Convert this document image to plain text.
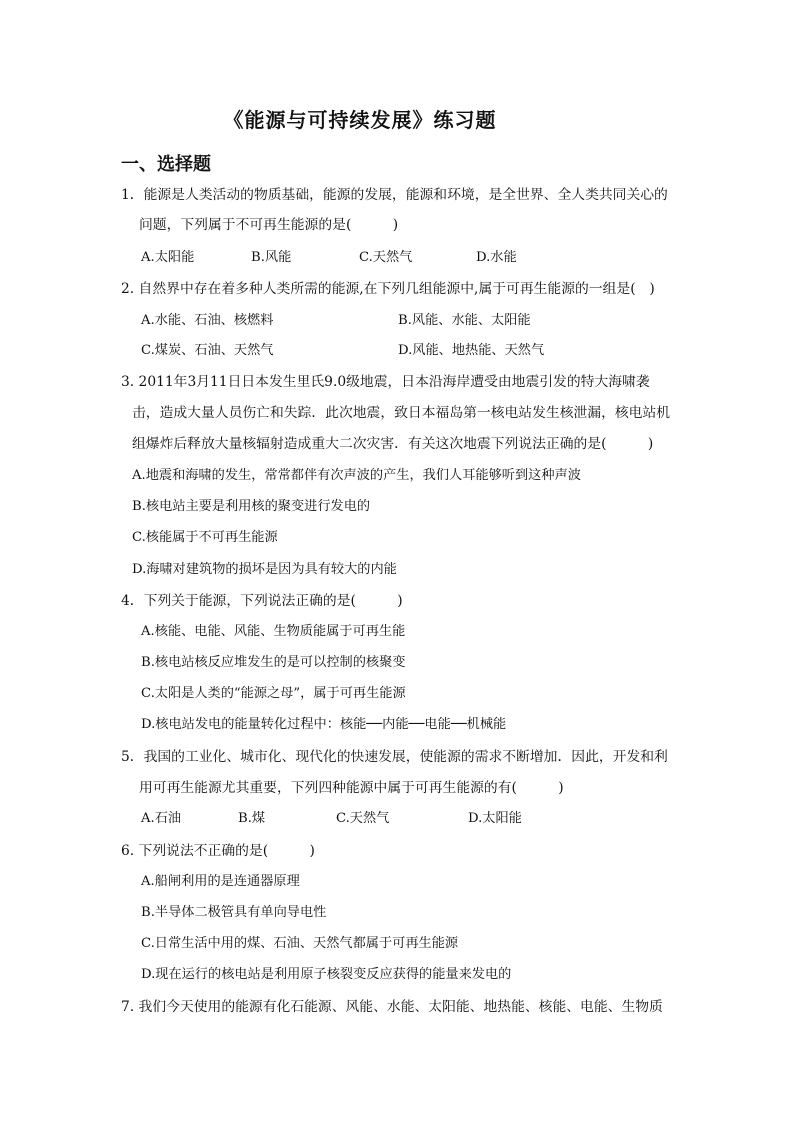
《能源与可持续发展》练习题
一、选择题
1．能源是人类活动的物质基础，能源的发展，能源和环境，是全世界、全人类共同关心的
问题，下列属于不可再生能源的是(　　　)
A.太阳能	B.风能	C.天然气	D.水能
2. 自然界中存在着多种人类所需的能源,在下列几组能源中,属于可再生能源的一组是(　)
A.水能、石油、核燃料	B.风能、水能、太阳能
C.煤炭、石油、天然气	D.风能、地热能、天然气
3. 2011年3月11日日本发生里氏9.0级地震，日本沿海岸遭受由地震引发的特大海啸袭
击，造成大量人员伤亡和失踪．此次地震，致日本福岛第一核电站发生核泄漏，核电站机
组爆炸后释放大量核辐射造成重大二次灾害．有关这次地震下列说法正确的是(　　　)
A.地震和海啸的发生，常常都伴有次声波的产生，我们人耳能够听到这种声波
B.核电站主要是利用核的聚变进行发电的
C.核能属于不可再生能源
D.海啸对建筑物的损坏是因为具有较大的内能
4．下列关于能源，下列说法正确的是(　　　)
A.核能、电能、风能、生物质能属于可再生能
B.核电站核反应堆发生的是可以控制的核聚变
C.太阳是人类的“能源之母”，属于可再生能源
D.核电站发电的能量转化过程中：核能──内能──电能──机械能
5．我国的工业化、城市化、现代化的快速发展，使能源的需求不断增加．因此，开发和利
用可再生能源尤其重要，下列四种能源中属于可再生能源的有(　　　)
A.石油	B.煤	C.天然气	D.太阳能
6. 下列说法不正确的是(　　　)
A.船闸利用的是连通器原理
B.半导体二极管具有单向导电性
C.日常生活中用的煤、石油、天然气都属于可再生能源
D.现在运行的核电站是利用原子核裂变反应获得的能量来发电的
7. 我们今天使用的能源有化石能源、风能、水能、太阳能、地热能、核能、电能、生物质
